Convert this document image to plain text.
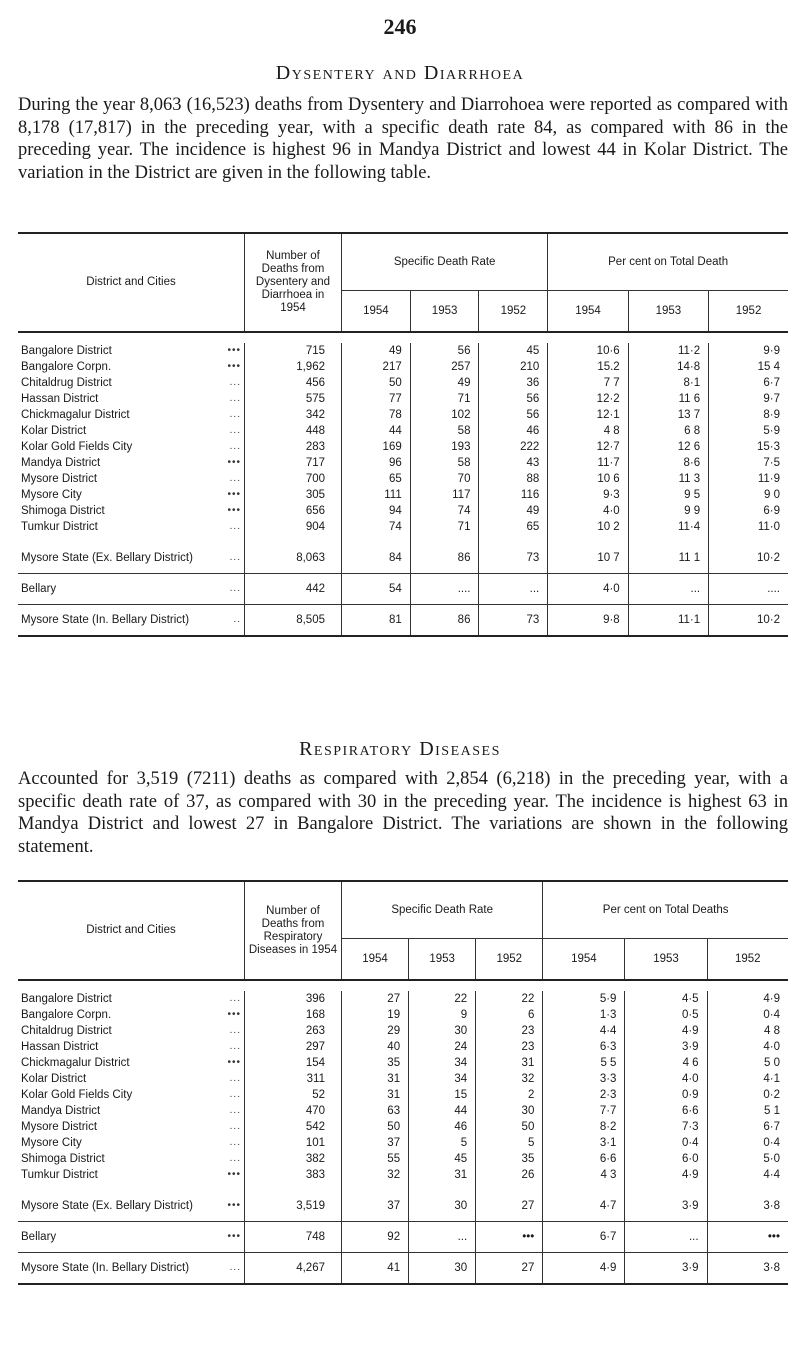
246
Dysentery and Diarrhoea

During the year 8,063 (16,523) deaths from Dysentery and Diarrohoea were reported as compared with 8,178 (17,817) in the preceding year, with a specific death rate 84, as compared with 86 in the preceding year. The incidence is highest 96 in Mandya District and lowest 44 in Kolar District. The variation in the District are given in the following table.

District and Cities	Number of Deaths from Dysentery and Diarrhoea in 1954	Specific Death Rate			Per cent on Total Death		
		1954	1953	1952	1954	1953	1952

Bangalore District •••	715	49	56	45	10·6	11·2	9·9
Bangalore Corpn. •••	1,962	217	257	210	15.2	14·8	15 4
Chitaldrug District ...	456	50	49	36	7 7	8·1	6·7
Hassan District ...	575	77	71	56	12·2	11 6	9·7
Chickmagalur District ...	342	78	102	56	12·1	13 7	8·9
Kolar District ...	448	44	58	46	4 8	6 8	5·9
Kolar Gold Fields City ...	283	169	193	222	12·7	12 6	15·3
Mandya District •••	717	96	58	43	11·7	8·6	7·5
Mysore District ...	700	65	70	88	10 6	11 3	11·9
Mysore City •••	305	111	117	116	9·3	9 5	9 0
Shimoga District •••	656	94	74	49	4·0	9 9	6·9
Tumkur District ...	904	74	71	65	10 2	11·4	11·0
Mysore State (Ex. Bellary District) ...	8,063	84	86	73	10 7	11 1	10·2
Bellary ...	442	54	....	...	4·0	...	....
Mysore State (In. Bellary District) ..	8,505	81	86	73	9·8	11·1	10·2
Respiratory Diseases

Accounted for 3,519 (7211) deaths as compared with 2,854 (6,218) in the preceding year, with a specific death rate of 37, as compared with 30 in the preceding year. The incidence is highest 63 in Mandya District and lowest 27 in Bangalore District. The variations are shown in the following statement.

District and Cities	Number of Deaths from Respiratory Diseases in 1954	Specific Death Rate			Per cent on Total Deaths		
		1954	1953	1952	1954	1953	1952

Bangalore District ...	396	27	22	22	5·9	4·5	4·9
Bangalore Corpn. •••	168	19	9	6	1·3	0·5	0·4
Chitaldrug District ...	263	29	30	23	4·4	4·9	4 8
Hassan District ...	297	40	24	23	6·3	3·9	4·0
Chickmagalur District •••	154	35	34	31	5 5	4 6	5 0
Kolar District ...	311	31	34	32	3·3	4·0	4·1
Kolar Gold Fields City ...	52	31	15	2	2·3	0·9	0·2
Mandya District ...	470	63	44	30	7·7	6·6	5 1
Mysore District ...	542	50	46	50	8·2	7·3	6·7
Mysore City ...	101	37	5	5	3·1	0·4	0·4
Shimoga District ...	382	55	45	35	6·6	6·0	5·0
Tumkur District •••	383	32	31	26	4 3	4·9	4·4
Mysore State (Ex. Bellary District) •••	3,519	37	30	27	4·7	3·9	3·8
Bellary •••	748	92	...	•••	6·7	...	•••
Mysore State (In. Bellary District) ...	4,267	41	30	27	4·9	3·9	3·8
